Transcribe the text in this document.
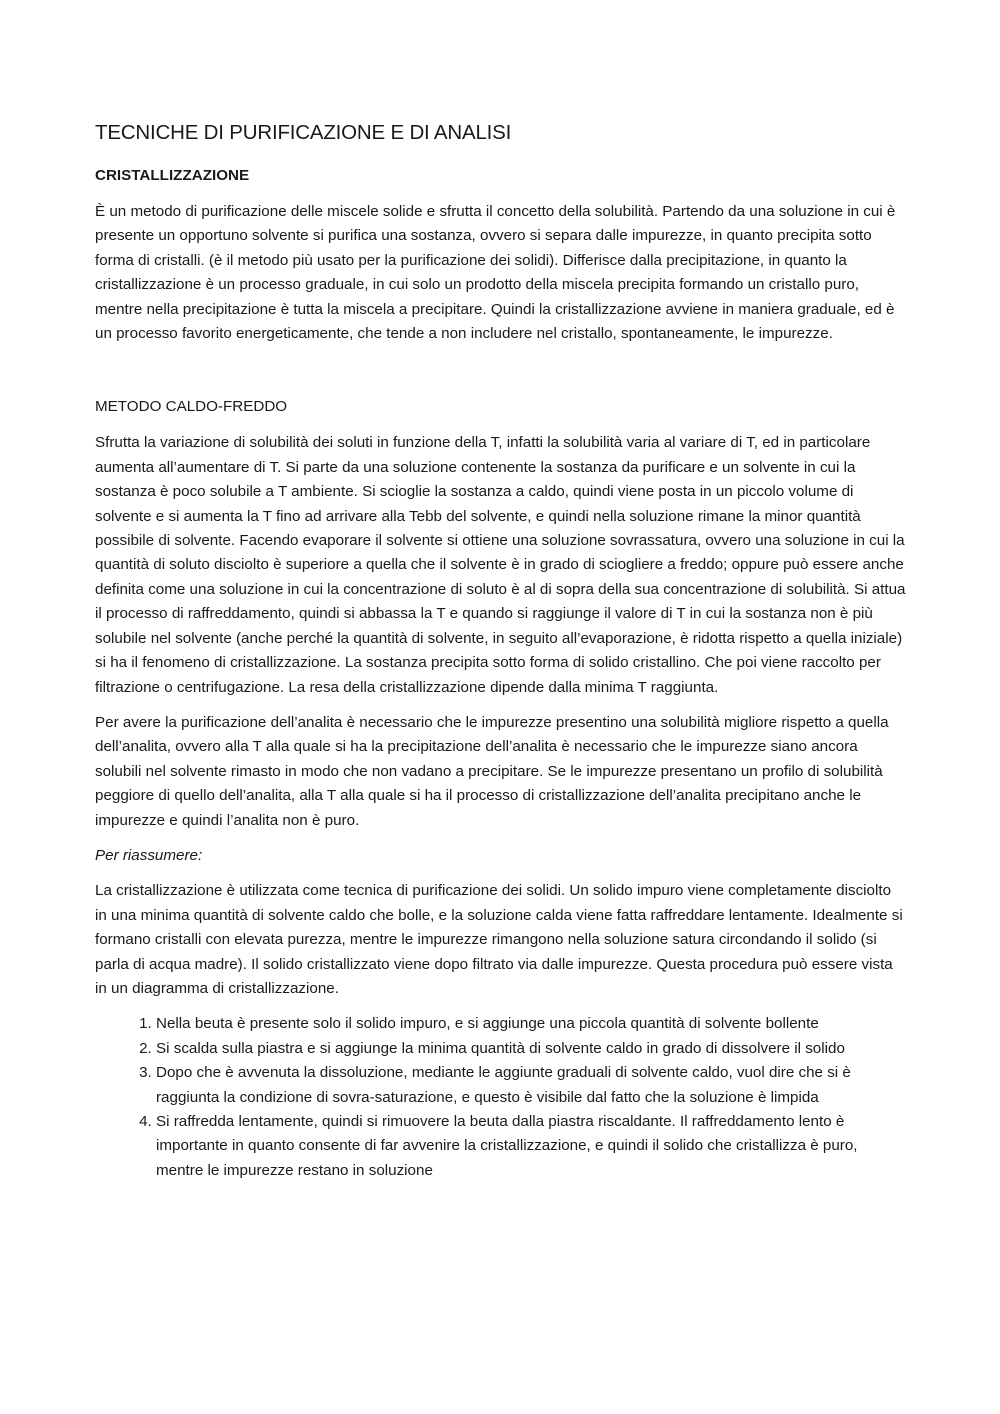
TECNICHE DI PURIFICAZIONE E DI ANALISI
CRISTALLIZZAZIONE

È un metodo di purificazione delle miscele solide e sfrutta il concetto della solubilità. Partendo da una soluzione in cui è presente un opportuno solvente si purifica una sostanza, ovvero si separa dalle impurezze, in quanto precipita sotto forma di cristalli. (è il metodo più usato per la purificazione dei solidi). Differisce dalla precipitazione, in quanto la cristallizzazione è un processo graduale, in cui solo un prodotto della miscela precipita formando un cristallo puro, mentre nella precipitazione è tutta la miscela a precipitare. Quindi la cristallizzazione avviene in maniera graduale, ed è un processo favorito energeticamente, che tende a non includere nel cristallo, spontaneamente, le impurezze.

METODO CALDO-FREDDO

Sfrutta la variazione di solubilità dei soluti in funzione della T, infatti la solubilità varia al variare di T, ed in particolare aumenta all’aumentare di T. Si parte da una soluzione contenente la sostanza da purificare e un solvente in cui la sostanza è poco solubile a T ambiente. Si scioglie la sostanza a caldo, quindi viene posta in un piccolo volume di solvente e si aumenta la T fino ad arrivare alla Tebb del solvente, e quindi nella soluzione rimane la minor quantità possibile di solvente. Facendo evaporare il solvente si ottiene una soluzione sovrassatura, ovvero una soluzione in cui la quantità di soluto disciolto è superiore a quella che il solvente è in grado di sciogliere a freddo; oppure può essere anche definita come una soluzione in cui la concentrazione di soluto è al di sopra della sua concentrazione di solubilità. Si attua il processo di raffreddamento, quindi si abbassa la T e quando si raggiunge il valore di T in cui la sostanza non è più solubile nel solvente (anche perché la quantità di solvente, in seguito all’evaporazione, è ridotta rispetto a quella iniziale) si ha il fenomeno di cristallizzazione. La sostanza precipita sotto forma di solido cristallino. Che poi viene raccolto per filtrazione o centrifugazione. La resa della cristallizzazione dipende dalla minima T raggiunta.

Per avere la purificazione dell’analita è necessario che le impurezze presentino una solubilità migliore rispetto a quella dell’analita, ovvero alla T alla quale si ha la precipitazione dell’analita è necessario che le impurezze siano ancora solubili nel solvente rimasto in modo che non vadano a precipitare. Se le impurezze presentano un profilo di solubilità peggiore di quello dell’analita, alla T alla quale si ha il processo di cristallizzazione dell’analita precipitano anche le impurezze e quindi l’analita non è puro.

Per riassumere:

La cristallizzazione è utilizzata come tecnica di purificazione dei solidi. Un solido impuro viene completamente disciolto in una minima quantità di solvente caldo che bolle, e la soluzione calda viene fatta raffreddare lentamente. Idealmente si formano cristalli con elevata purezza, mentre le impurezze rimangono nella soluzione satura circondando il solido (si parla di acqua madre). Il solido cristallizzato viene dopo filtrato via dalle impurezze. Questa procedura può essere vista in un diagramma di cristallizzazione.

1. Nella beuta è presente solo il solido impuro, e si aggiunge una piccola quantità di solvente bollente
2. Si scalda sulla piastra e si aggiunge la minima quantità di solvente caldo in grado di dissolvere il solido
3. Dopo che è avvenuta la dissoluzione, mediante le aggiunte graduali di solvente caldo, vuol dire che si è raggiunta la condizione di sovra-saturazione, e questo è visibile dal fatto che la soluzione è limpida
4. Si raffredda lentamente, quindi si rimuovere la beuta dalla piastra riscaldante. Il raffreddamento lento è importante in quanto consente di far avvenire la cristallizzazione, e quindi il solido che cristallizza è puro, mentre le impurezze restano in soluzione
